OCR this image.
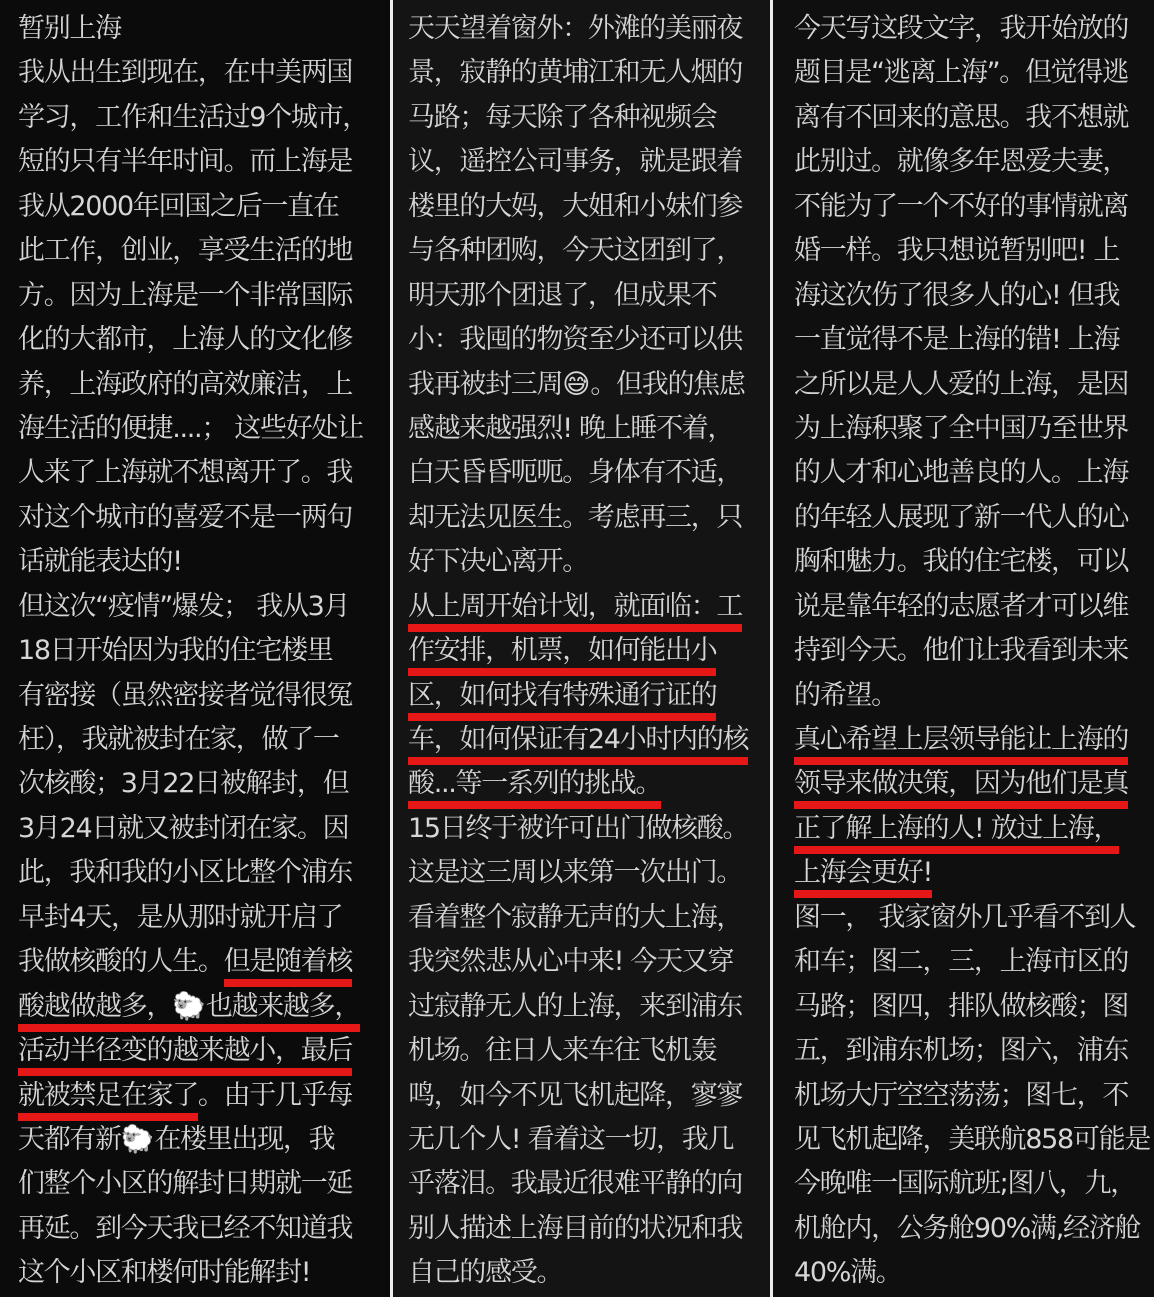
暂别上海
我从出生到现在，在中美两国
学习，工作和生活过9个城市，
短的只有半年时间。而上海是
我从2000年回国之后一直在
此工作，创业，享受生活的地
方。因为上海是一个非常国际
化的大都市，上海人的文化修
养，上海政府的高效廉洁，上
海生活的便捷....； 这些好处让
人来了上海就不想离开了。我
对这个城市的喜爱不是一两句
话就能表达的!
但这次“疫情”爆发； 我从3月
18日开始因为我的住宅楼里
有密接（虽然密接者觉得很冤
枉），我就被封在家，做了一
次核酸；3月22日被解封，但
3月24日就又被封闭在家。因
此，我和我的小区比整个浦东
早封4天，是从那时就开启了
我做核酸的人生。但是随着核
酸越做越多，🐑也越来越多，
活动半径变的越来越小，最后
就被禁足在家了。由于几乎每
天都有新🐑在楼里出现，我
们整个小区的解封日期就一延
再延。到今天我已经不知道我
这个小区和楼何时能解封!
天天望着窗外：外滩的美丽夜
景，寂静的黄埔江和无人烟的
马路；每天除了各种视频会
议，遥控公司事务，就是跟着
楼里的大妈，大姐和小妹们参
与各种团购，今天这团到了，
明天那个团退了，但成果不
小：我囤的物资至少还可以供
我再被封三周😅。但我的焦虑
感越来越强烈! 晚上睡不着，
白天昏昏呃呃。身体有不适，
却无法见医生。考虑再三，只
好下决心离开。
从上周开始计划，就面临：工
作安排，机票，如何能出小
区，如何找有特殊通行证的
车，如何保证有24小时内的核
酸...等一系列的挑战。
15日终于被许可出门做核酸。
这是这三周以来第一次出门。
看着整个寂静无声的大上海，
我突然悲从心中来! 今天又穿
过寂静无人的上海，来到浦东
机场。往日人来车往飞机轰
鸣，如今不见飞机起降，寥寥
无几个人! 看着这一切，我几
乎落泪。我最近很难平静的向
别人描述上海目前的状况和我
自己的感受。
今天写这段文字，我开始放的
题目是“逃离上海”。但觉得逃
离有不回来的意思。我不想就
此别过。就像多年恩爱夫妻，
不能为了一个不好的事情就离
婚一样。我只想说暂别吧! 上
海这次伤了很多人的心! 但我
一直觉得不是上海的错! 上海
之所以是人人爱的上海，是因
为上海积聚了全中国乃至世界
的人才和心地善良的人。上海
的年轻人展现了新一代人的心
胸和魅力。我的住宅楼，可以
说是靠年轻的志愿者才可以维
持到今天。他们让我看到未来
的希望。
真心希望上层领导能让上海的
领导来做决策，因为他们是真
正了解上海的人! 放过上海，
上海会更好!
图一， 我家窗外几乎看不到人
和车；图二，三，上海市区的
马路；图四，排队做核酸；图
五，到浦东机场；图六，浦东
机场大厅空空荡荡；图七，不
见飞机起降，美联航858可能是
今晚唯一国际航班;图八，九，
机舱内，公务舱90%满,经济舱
40%满。
